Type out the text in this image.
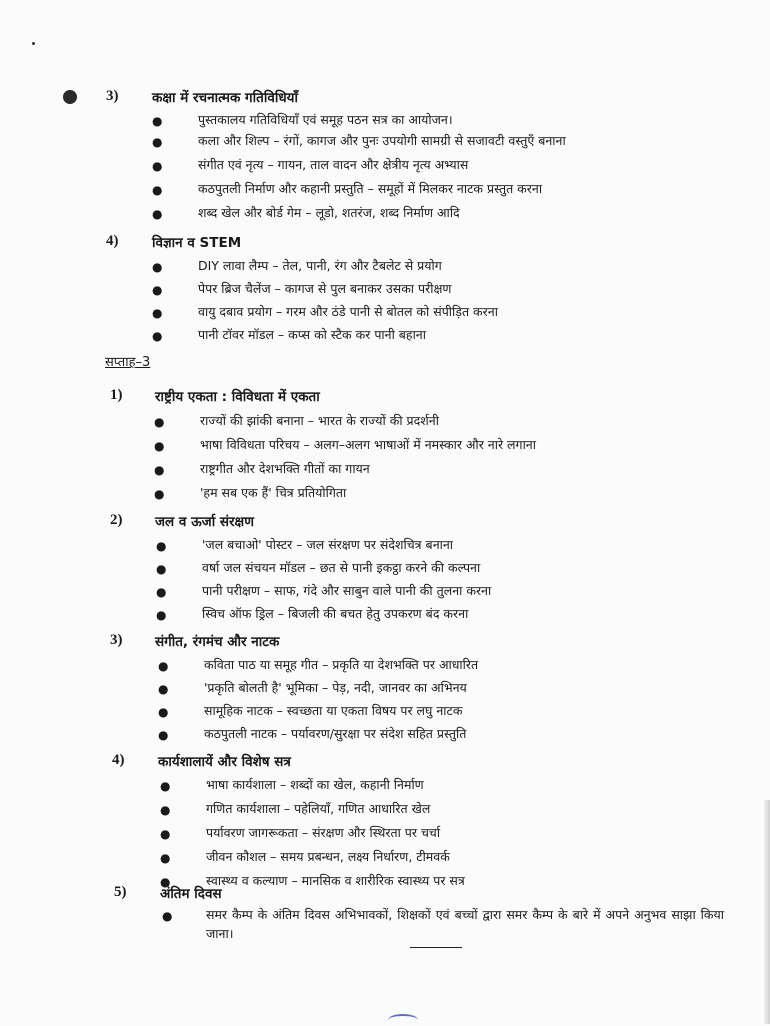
3) कक्षा में रचनात्मक गतिविधियाँ
●	पुस्तकालय गतिविधियाँ एवं समूह पठन सत्र का आयोजन।
●	कला और शिल्प – रंगों, कागज और पुनः उपयोगी सामग्री से सजावटी वस्तुएँ बनाना
●	संगीत एवं नृत्य – गायन, ताल वादन और क्षेत्रीय नृत्य अभ्यास
●	कठपुतली निर्माण और कहानी प्रस्तुति – समूहों में मिलकर नाटक प्रस्तुत करना
●	शब्द खेल और बोर्ड गेम – लूडो, शतरंज, शब्द निर्माण आदि
4) विज्ञान व STEM
●	DIY लावा लैम्प – तेल, पानी, रंग और टैबलेट से प्रयोग
●	पेपर ब्रिज चैलेंज – कागज से पुल बनाकर उसका परीक्षण
●	वायु दबाव प्रयोग – गरम और ठंडे पानी से बोतल को संपीड़ित करना
●	पानी टॉवर मॉडल – कप्स को स्टैक कर पानी बहाना
सप्ताह–3
1) राष्ट्रीय एकता : विविधता में एकता
●	राज्यों की झांकी बनाना – भारत के राज्यों की प्रदर्शनी
●	भाषा विविधता परिचय – अलग–अलग भाषाओं में नमस्कार और नारे लगाना
●	राष्ट्रगीत और देशभक्ति गीतों का गायन
●	'हम सब एक हैं' चित्र प्रतियोगिता
2) जल व ऊर्जा संरक्षण
●	'जल बचाओ' पोस्टर – जल संरक्षण पर संदेशचित्र बनाना
●	वर्षा जल संचयन मॉडल – छत से पानी इकट्ठा करने की कल्पना
●	पानी परीक्षण – साफ, गंदे और साबुन वाले पानी की तुलना करना
●	स्विच ऑफ ड्रिल – बिजली की बचत हेतु उपकरण बंद करना
3) संगीत, रंगमंच और नाटक
●	कविता पाठ या समूह गीत – प्रकृति या देशभक्ति पर आधारित
●	'प्रकृति बोलती है' भूमिका – पेड़, नदी, जानवर का अभिनय
●	सामूहिक नाटक – स्वच्छता या एकता विषय पर लघु नाटक
●	कठपुतली नाटक – पर्यावरण/सुरक्षा पर संदेश सहित प्रस्तुति
4) कार्यशालायें और विशेष सत्र
●	भाषा कार्यशाला – शब्दों का खेल, कहानी निर्माण
●	गणित कार्यशाला – पहेलियाँ, गणित आधारित खेल
●	पर्यावरण जागरूकता – संरक्षण और स्थिरता पर चर्चा
●	जीवन कौशल – समय प्रबन्धन, लक्ष्य निर्धारण, टीमवर्क
●	स्वास्थ्य व कल्याण – मानसिक व शारीरिक स्वास्थ्य पर सत्र
5) अंतिम दिवस
●	समर कैम्प के अंतिम दिवस अभिभावकों, शिक्षकों एवं बच्चों द्वारा समर कैम्प के बारे में अपने अनुभव साझा किया जाना।
